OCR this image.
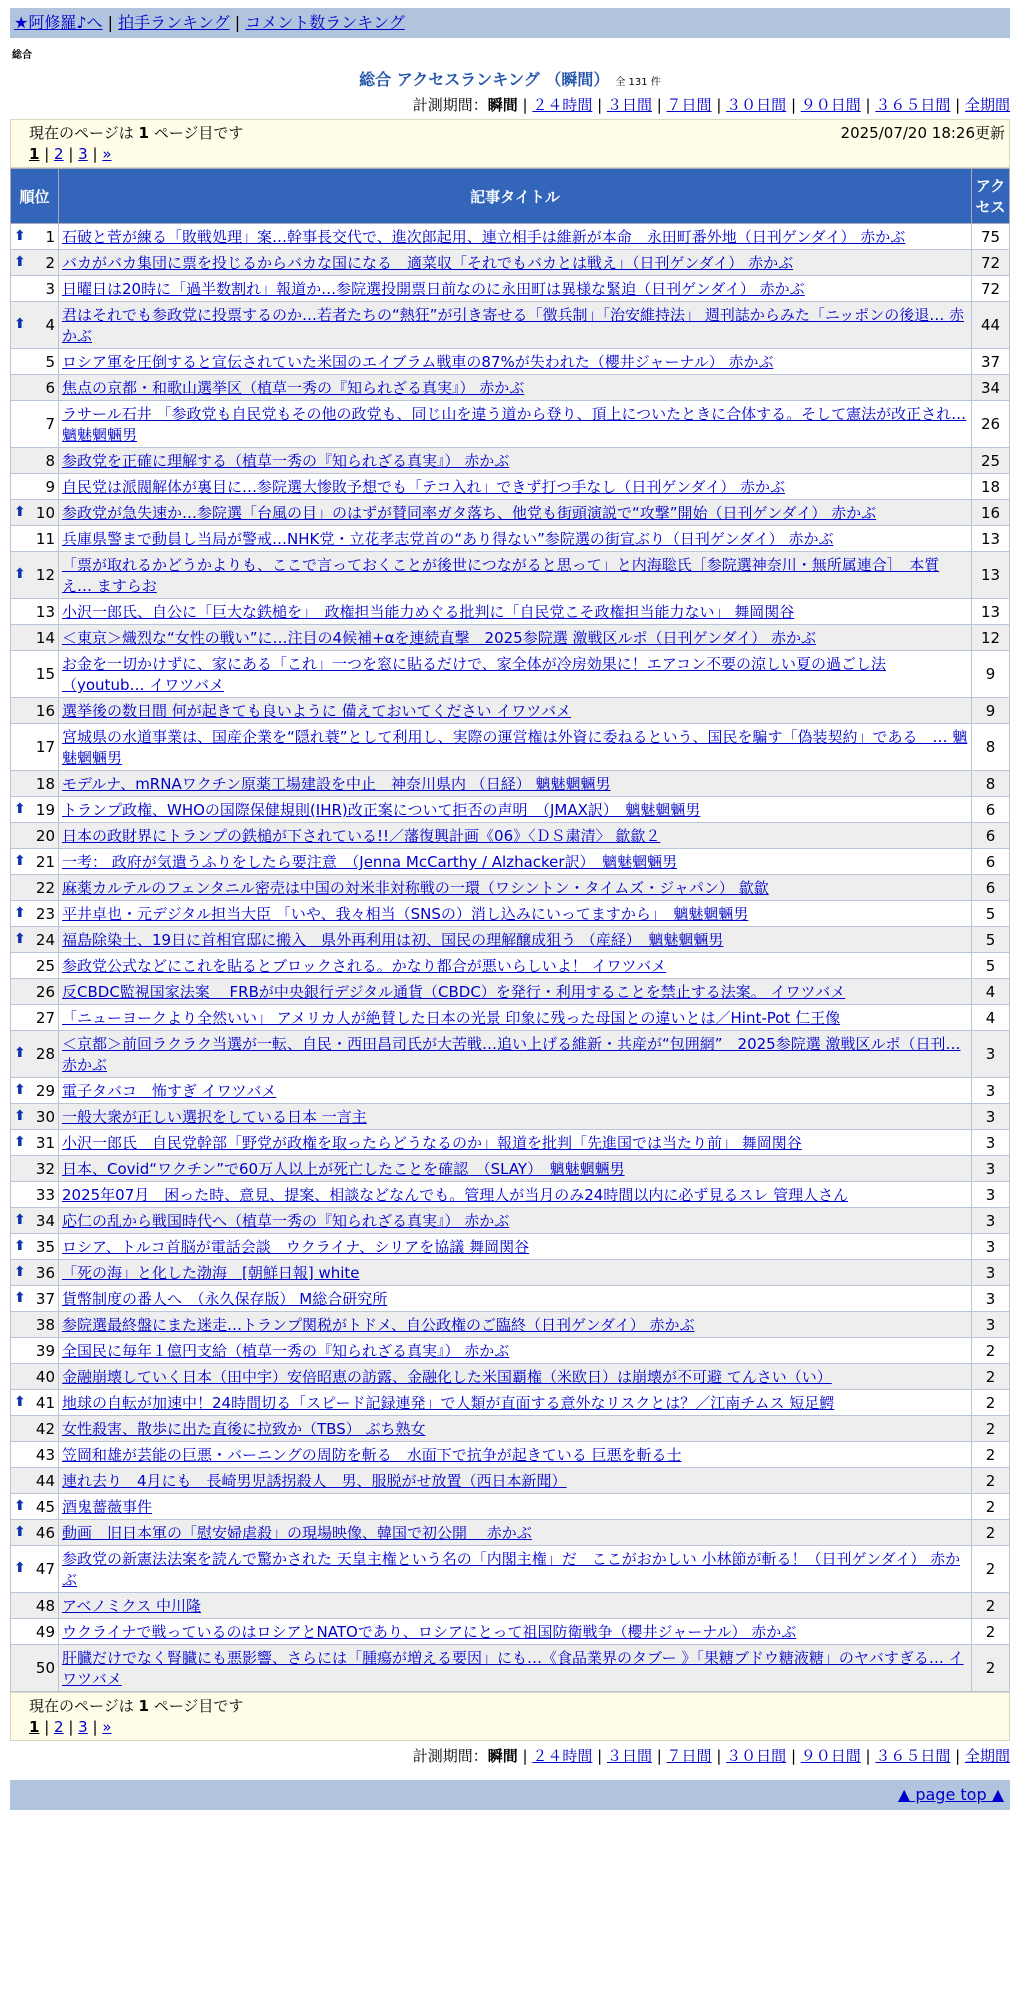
★阿修羅♪へ | 拍手ランキング | コメント数ランキング
総合
総合 アクセスランキング （瞬間） 全 131 件
計測期間：瞬間 | ２４時間 | ３日間 | ７日間 | ３０日間 | ９０日間 | ３６５日間 | 全期間
現在のページは 1 ページ目です	2025/07/20 18:26更新
1 | 2 | 3 | »
順位	記事タイトル	アクセス

⬆ 1	石破と菅が練る「敗戦処理」案…幹事長交代で、進次郎起用、連立相手は維新が本命　永田町番外地（日刊ゲンダイ） 赤かぶ	75

⬆ 2	バカがバカ集団に票を投じるからバカな国になる　適菜収「それでもバカとは戦え」（日刊ゲンダイ） 赤かぶ	72
3	日曜日は20時に「過半数割れ」報道か…参院選投開票日前なのに永田町は異様な緊迫（日刊ゲンダイ） 赤かぶ	72

⬆ 4	君はそれでも参政党に投票するのか…若者たちの“熱狂”が引き寄せる「徴兵制」「治安維持法」 週刊誌からみた「ニッポンの後退… 赤かぶ	44
5	ロシア軍を圧倒すると宣伝されていた米国のエイブラム戦車の87%が失われた（櫻井ジャーナル） 赤かぶ	37
6	焦点の京都・和歌山選挙区（植草一秀の『知られざる真実』） 赤かぶ	34
7	ラサール石井 「参政党も自民党もその他の政党も、同じ山を違う道から登り、頂上についたときに合体する。そして憲法が改正され… 魑魅魍魎男	26
8	参政党を正確に理解する（植草一秀の『知られざる真実』） 赤かぶ	25
9	自民党は派閥解体が裏目に…参院選大惨敗予想でも「テコ入れ」できず打つ手なし（日刊ゲンダイ） 赤かぶ	18

⬆ 10	参政党が急失速か…参院選「台風の目」のはずが賛同率ガタ落ち、他党も街頭演説で“攻撃”開始（日刊ゲンダイ） 赤かぶ	16
11	兵庫県警まで動員し当局が警戒…NHK党・立花孝志党首の“あり得ない”参院選の街宣ぶり（日刊ゲンダイ） 赤かぶ	13

⬆ 12	「票が取れるかどうかよりも、ここで言っておくことが後世につながると思って」と内海聡氏［参院選神奈川・無所属連合］　本質え… ますらお	13
13	小沢一郎氏、自公に「巨大な鉄槌を」　政権担当能力めぐる批判に「自民党こそ政権担当能力ない」 舞岡関谷	13
14	＜東京＞熾烈な“女性の戦い”に…注目の4候補+αを連続直撃　2025参院選 激戦区ルポ（日刊ゲンダイ） 赤かぶ	12
15	お金を一切かけずに、家にある「これ」一つを窓に貼るだけで、家全体が冷房効果に！エアコン不要の涼しい夏の過ごし法（youtub… イワツバメ	9
16	選挙後の数日間 何が起きても良いように 備えておいてください イワツバメ	9
17	宮城県の水道事業は、国産企業を“隠れ蓑”として利用し、実際の運営権は外資に委ねるという、国民を騙す「偽装契約」である　… 魑魅魍魎男	8
18	モデルナ、mRNAワクチン原薬工場建設を中止　神奈川県内 （日経） 魑魅魍魎男	8

⬆ 19	トランプ政権、WHOの国際保健規則(IHR)改正案について拒否の声明　（JMAX訳）　魑魅魍魎男	6
20	日本の政財界にトランプの鉄槌が下されている!!／藩復興計画《06》〈ＤＳ粛清〉 歙歙２	6

⬆ 21	一考： 政府が気遣うふりをしたら要注意　（Jenna McCarthy / Alzhacker訳）　魑魅魍魎男	6
22	麻薬カルテルのフェンタニル密売は中国の対米非対称戦の一環（ワシントン・タイムズ・ジャパン） 歙歙	6

⬆ 23	平井卓也・元デジタル担当大臣 「いや、我々相当（SNSの）消し込みにいってますから」　魑魅魍魎男	5

⬆ 24	福島除染土、19日に首相官邸に搬入　県外再利用は初、国民の理解醸成狙う （産経）　魑魅魍魎男	5
25	参政党公式などにこれを貼るとブロックされる。かなり都合が悪いらしいよ！ イワツバメ	5
26	反CBDC監視国家法案　 FRBが中央銀行デジタル通貨（CBDC）を発行・利用することを禁止する法案。 イワツバメ	4
27	「ニューヨークより全然いい」 アメリカ人が絶賛した日本の光景 印象に残った母国との違いとは／Hint-Pot 仁王像	4

⬆ 28	＜京都＞前回ラクラク当選が一転、自民・西田昌司氏が大苦戦…追い上げる維新・共産が“包囲網”　2025参院選 激戦区ルポ（日刊… 赤かぶ	3

⬆ 29	電子タバコ　怖すぎ イワツバメ	3

⬆ 30	一般大衆が正しい選択をしている日本 一言主	3

⬆ 31	小沢一郎氏　自民党幹部「野党が政権を取ったらどうなるのか」報道を批判「先進国では当たり前」 舞岡関谷	3
32	日本、Covid“ワクチン”で60万人以上が死亡したことを確認　（SLAY）　魑魅魍魎男	3
33	2025年07月　困った時、意見、提案、相談などなんでも。管理人が当月のみ24時間以内に必ず見るスレ 管理人さん	3

⬆ 34	応仁の乱から戦国時代へ（植草一秀の『知られざる真実』） 赤かぶ	3

⬆ 35	ロシア、トルコ首脳が電話会談　ウクライナ、シリアを協議 舞岡関谷	3

⬆ 36	「死の海」と化した渤海　[朝鮮日報] white	3

⬆ 37	貨幣制度の番人へ　（永久保存版） M総合研究所	3
38	参院選最終盤にまた迷走…トランプ関税がトドメ、自公政権のご臨終（日刊ゲンダイ） 赤かぶ	3
39	全国民に毎年１億円支給（植草一秀の『知られざる真実』） 赤かぶ	2
40	金融崩壊していく日本（田中宇）安倍昭恵の訪露、金融化した米国覇権（米欧日）は崩壊が不可避 てんさい（い）	2

⬆ 41	地球の自転が加速中！24時間切る「スピード記録連発」で人類が直面する意外なリスクとは？／江南チムス 短足鰐	2
42	女性殺害、散歩に出た直後に拉致か（TBS） ぶち熟女	2
43	笠岡和雄が芸能の巨悪・バーニングの周防を斬る　水面下で抗争が起きている 巨悪を斬る士	2
44	連れ去り　4月にも　長崎男児誘拐殺人　男、服脱がせ放置（西日本新聞）	2

⬆ 45	酒鬼薔薇事件	2

⬆ 46	動画　旧日本軍の「慰安婦虐殺」の現場映像、韓国で初公開　 赤かぶ	2

⬆ 47	参政党の新憲法法案を読んで驚かされた 天皇主権という名の「内閣主権」だ　ここがおかしい 小林節が斬る！（日刊ゲンダイ） 赤かぶ	2
48	アベノミクス 中川隆	2
49	ウクライナで戦っているのはロシアとNATOであり、ロシアにとって祖国防衛戦争（櫻井ジャーナル） 赤かぶ	2
50	肝臓だけでなく腎臓にも悪影響、さらには「腫瘍が増える要因」にも…《食品業界のタブー 》「果糖ブドウ糖液糖」のヤバすぎる… イワツバメ	2
現在のページは 1 ページ目です
1 | 2 | 3 | »
計測期間：瞬間 | ２４時間 | ３日間 | ７日間 | ３０日間 | ９０日間 | ３６５日間 | 全期間
▲ page top ▲
